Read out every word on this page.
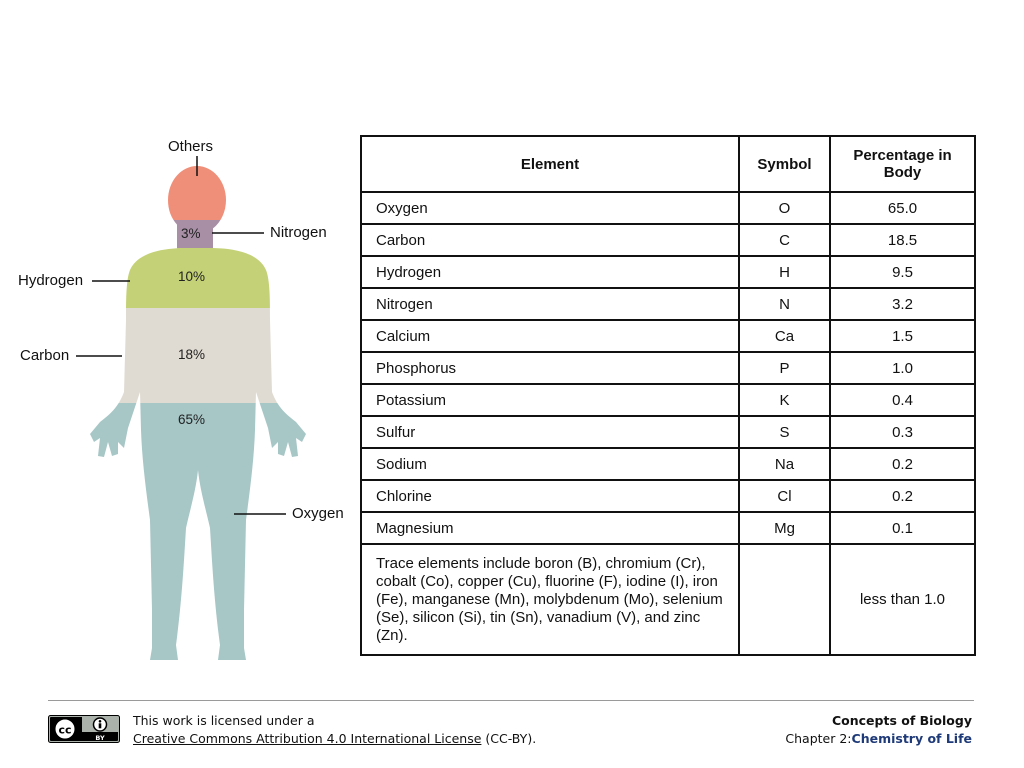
Others
Nitrogen
Hydrogen
Carbon
Oxygen
3%
10%
18%
65%
Element	Symbol	Percentage in Body
Oxygen	O	65.0
Carbon	C	18.5
Hydrogen	H	9.5
Nitrogen	N	3.2
Calcium	Ca	1.5
Phosphorus	P	1.0
Potassium	K	0.4
Sulfur	S	0.3
Sodium	Na	0.2
Chlorine	Cl	0.2
Magnesium	Mg	0.1
Trace elements include boron (B), chromium (Cr), cobalt (Co), copper (Cu), fluorine (F), iodine (I), iron (Fe), manganese (Mn), molybdenum (Mo), selenium (Se), silicon (Si), tin (Sn), vanadium (V), and zinc (Zn).		less than 1.0
cc
BY
This work is licensed under a
Creative Commons Attribution 4.0 International License (CC-BY).
Concepts of Biology
Chapter 2:Chemistry of Life
